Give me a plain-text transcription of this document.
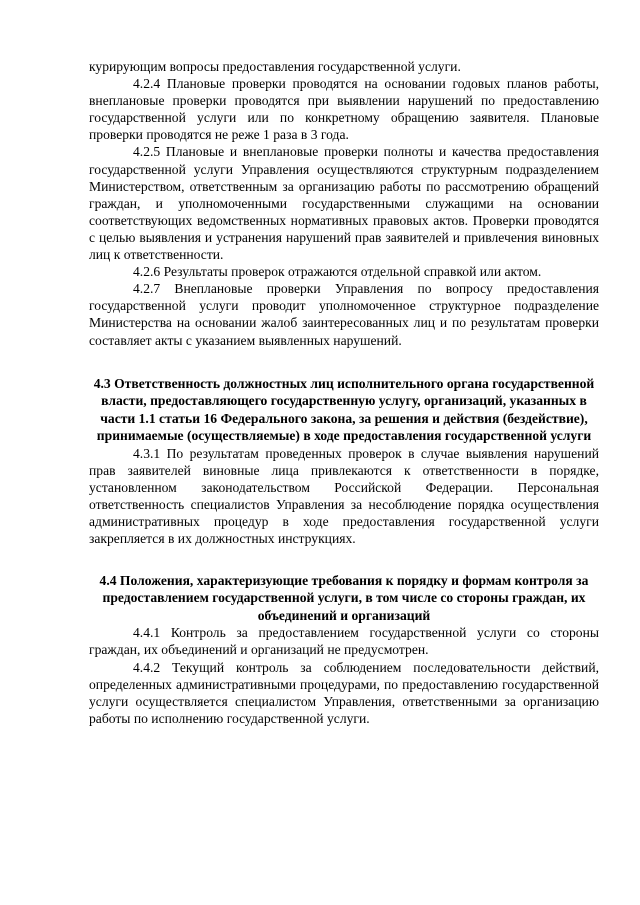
курирующим вопросы предоставления государственной услуги.

4.2.4 Плановые проверки проводятся на основании годовых планов работы, внеплановые проверки проводятся при выявлении нарушений по предоставлению государственной услуги или по конкретному обращению заявителя. Плановые проверки проводятся не реже 1 раза в 3 года.

4.2.5 Плановые и внеплановые проверки полноты и качества предоставления государственной услуги Управления осуществляются структурным подразделением Министерством, ответственным за организацию работы по рассмотрению обращений граждан, и уполномоченными государственными служащими на основании соответствующих ведомственных нормативных правовых актов. Проверки проводятся с целью выявления и устранения нарушений прав заявителей и привлечения виновных лиц к ответственности.

4.2.6 Результаты проверок отражаются отдельной справкой или актом.

4.2.7 Внеплановые проверки Управления по вопросу предоставления государственной услуги проводит уполномоченное структурное подразделение Министерства на основании жалоб заинтересованных лиц и по результатам проверки составляет акты с указанием выявленных нарушений.

4.3 Ответственность должностных лиц исполнительного органа государственной власти, предоставляющего государственную услугу, организаций, указанных в части 1.1 статьи 16 Федерального закона, за решения и действия (бездействие), принимаемые (осуществляемые) в ходе предоставления государственной услуги

4.3.1 По результатам проведенных проверок в случае выявления нарушений прав заявителей виновные лица привлекаются к ответственности в порядке, установленном законодательством Российской Федерации. Персональная ответственность специалистов Управления за несоблюдение порядка осуществления административных процедур в ходе предоставления государственной услуги закрепляется в их должностных инструкциях.

4.4 Положения, характеризующие требования к порядку и формам контроля за предоставлением государственной услуги, в том числе со стороны граждан, их объединений и организаций

4.4.1 Контроль за предоставлением государственной услуги со стороны граждан, их объединений и организаций не предусмотрен.

4.4.2 Текущий контроль за соблюдением последовательности действий, определенных административными процедурами, по предоставлению государственной услуги осуществляется специалистом Управления, ответственными за организацию работы по исполнению государственной услуги.
